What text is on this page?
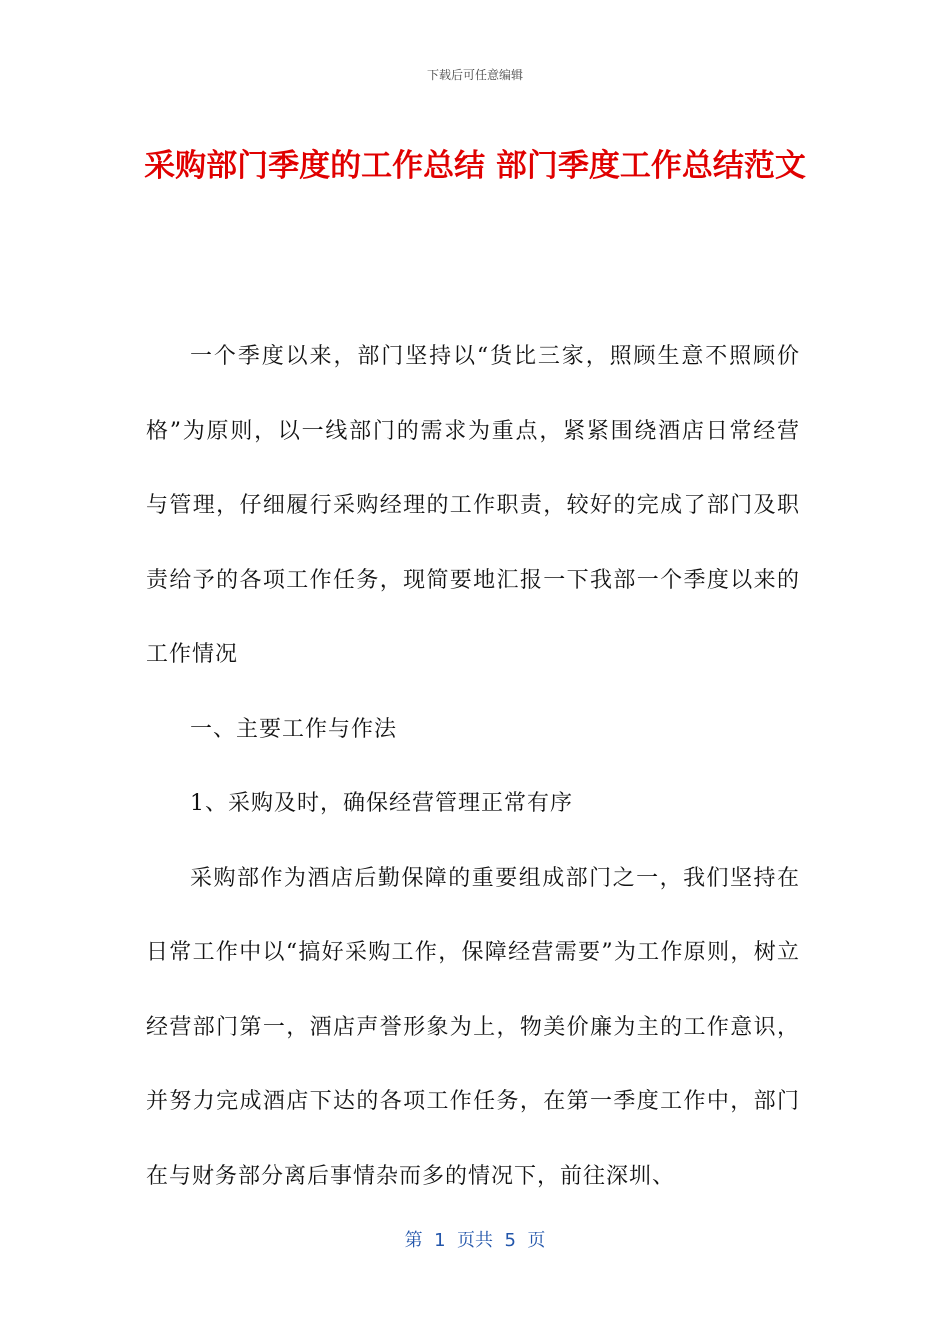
下载后可任意编辑
采购部门季度的工作总结 部门季度工作总结范文

一个季度以来，部门坚持以“货比三家，照顾生意不照顾价格”为原则，以一线部门的需求为重点，紧紧围绕酒店日常经营与管理，仔细履行采购经理的工作职责，较好的完成了部门及职责给予的各项工作任务，现简要地汇报一下我部一个季度以来的工作情况

一、主要工作与作法

1、采购及时，确保经营管理正常有序

采购部作为酒店后勤保障的重要组成部门之一，我们坚持在日常工作中以“搞好采购工作，保障经营需要”为工作原则，树立经营部门第一，酒店声誉形象为上，物美价廉为主的工作意识，并努力完成酒店下达的各项工作任务，在第一季度工作中，部门在与财务部分离后事情杂而多的情况下，前往深圳、

第  1  页共  5  页
